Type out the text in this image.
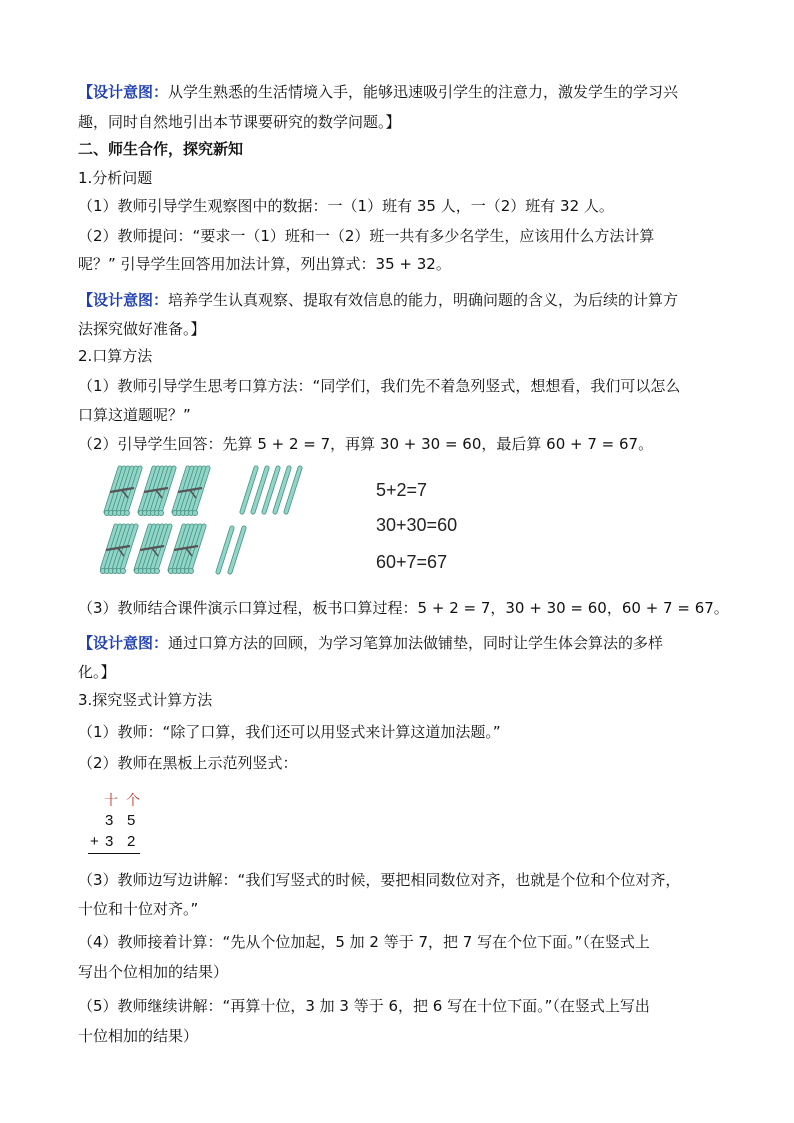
【设计意图：从学生熟悉的生活情境入手，能够迅速吸引学生的注意力，激发学生的学习兴
趣，同时自然地引出本节课要研究的数学问题。】
二、师生合作，探究新知
1.分析问题
（1）教师引导学生观察图中的数据：一（1）班有 35 人，一（2）班有 32 人。
（2）教师提问：“要求一（1）班和一（2）班一共有多少名学生，应该用什么方法计算
呢？” 引导学生回答用加法计算，列出算式：35 + 32。
【设计意图：培养学生认真观察、提取有效信息的能力，明确问题的含义，为后续的计算方
法探究做好准备。】
2.口算方法
（1）教师引导学生思考口算方法：“同学们，我们先不着急列竖式，想想看，我们可以怎么
口算这道题呢？”
（2）引导学生回答：先算 5 + 2 = 7，再算 30 + 30 = 60，最后算 60 + 7 = 67。
5+2=7
30+30=60
60+7=67
（3）教师结合课件演示口算过程，板书口算过程：5 + 2 = 7，30 + 30 = 60，60 + 7 = 67。
【设计意图：通过口算方法的回顾，为学习笔算加法做铺垫，同时让学生体会算法的多样
化。】
3.探究竖式计算方法
（1）教师：“除了口算，我们还可以用竖式来计算这道加法题。”
（2）教师在黑板上示范列竖式：
十 个
3 5
+ 3 2
（3）教师边写边讲解：“我们写竖式的时候，要把相同数位对齐，也就是个位和个位对齐，
十位和十位对齐。”
（4）教师接着计算：“先从个位加起，5 加 2 等于 7，把 7 写在个位下面。”（在竖式上
写出个位相加的结果）
（5）教师继续讲解：“再算十位，3 加 3 等于 6，把 6 写在十位下面。”（在竖式上写出
十位相加的结果）
